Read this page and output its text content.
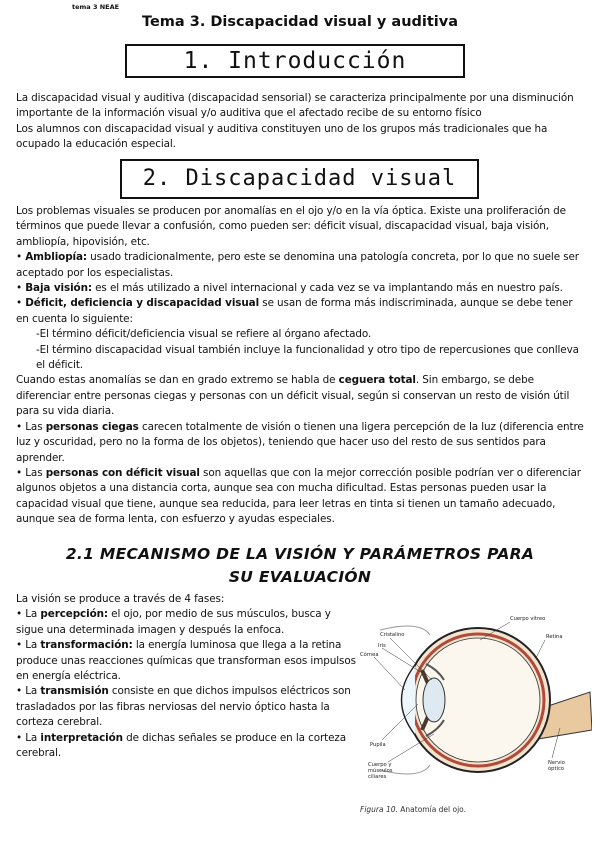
tema 3 NEAE
Tema 3. Discapacidad visual y auditiva
1. Introducción

La discapacidad visual y auditiva (discapacidad sensorial) se caracteriza principalmente por una disminución importante de la información visual y/o auditiva que el afectado recibe de su entorno físico

Los alumnos con discapacidad visual y auditiva constituyen uno de los grupos más tradicionales que ha ocupado la educación especial.

2. Discapacidad visual

Los problemas visuales se producen por anomalías en el ojo y/o en la vía óptica. Existe una proliferación de términos que puede llevar a confusión, como pueden ser: déficit visual, discapacidad visual, baja visión, ambliopía, hipovisión, etc.

• Ambliopía: usado tradicionalmente, pero este se denomina una patología concreta, por lo que no suele ser aceptado por los especialistas.

• Baja visión: es el más utilizado a nivel internacional y cada vez se va implantando más en nuestro país.

• Déficit, deficiencia y discapacidad visual se usan de forma más indiscriminada, aunque se debe tener en cuenta lo siguiente:

-El término déficit/deficiencia visual se refiere al órgano afectado.

-El término discapacidad visual también incluye la funcionalidad y otro tipo de repercusiones que conlleva el déficit.

Cuando estas anomalías se dan en grado extremo se habla de ceguera total. Sin embargo, se debe diferenciar entre personas ciegas y personas con un déficit visual, según si conservan un resto de visión útil para su vida diaria.

• Las personas ciegas carecen totalmente de visión o tienen una ligera percepción de la luz (diferencia entre luz y oscuridad, pero no la forma de los objetos), teniendo que hacer uso del resto de sus sentidos para aprender.

• Las personas con déficit visual son aquellas que con la mejor corrección posible podrían ver o diferenciar algunos objetos a una distancia corta, aunque sea con mucha dificultad. Estas personas pueden usar la capacidad visual que tiene, aunque sea reducida, para leer letras en tinta si tienen un tamaño adecuado, aunque sea de forma lenta, con esfuerzo y ayudas especiales.

2.1 MECANISMO DE LA VISIÓN Y PARÁMETROS PARA
SU EVALUACIÓN

La visión se produce a través de 4 fases:

• La percepción: el ojo, por medio de sus músculos, busca y sigue una determinada imagen y después la enfoca.

• La transformación: la energía luminosa que llega a la retina produce unas reacciones químicas que transforman esos impulsos en energía eléctrica.

• La transmisión consiste en que dichos impulsos eléctricos son trasladados por las fibras nerviosas del nervio óptico hasta la corteza cerebral.

• La interpretación de dichas señales se produce en la corteza cerebral.

Cuerpo vítreo
Retina
Cristalino
Iris
Córnea
Pupila
Cuerpo y músculos ciliares
Nervio óptico
Figura 10. Anatomía del ojo.
